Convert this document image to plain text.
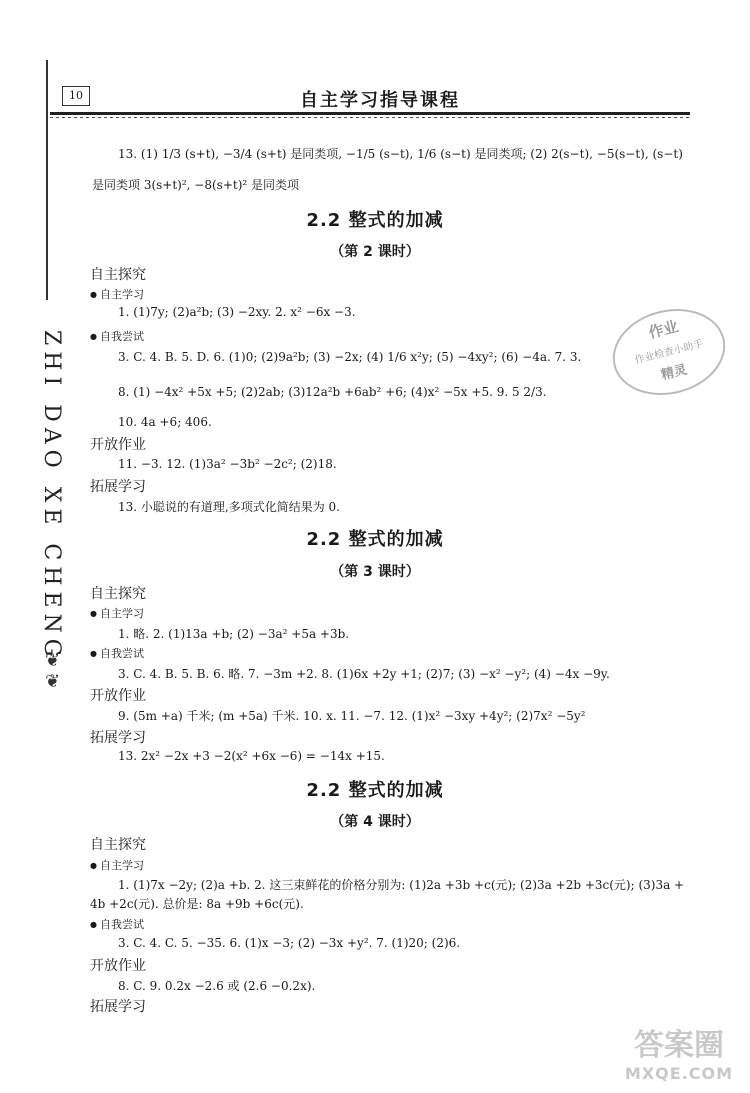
10	自主学习指导课程
ZHI DAO XE CHENG
❦❦
13. (1) 1/3 (s+t), −3/4 (s+t) 是同类项, −1/5 (s−t), 1/6 (s−t) 是同类项; (2) 2(s−t), −5(s−t), (s−t)
是同类项 3(s+t)², −8(s+t)² 是同类项
2.2 整式的加减
（第 2 课时）
自主探究
● 自主学习
1. (1)7y; (2)a²b; (3) −2xy. 2. x² −6x −3.
● 自我尝试
3. C. 4. B. 5. D. 6. (1)0; (2)9a²b; (3) −2x; (4) 1/6 x²y; (5) −4xy²; (6) −4a. 7. 3.
8. (1) −4x² +5x +5; (2)2ab; (3)12a²b +6ab² +6; (4)x² −5x +5. 9. 5 2/3.
10. 4a +6; 406.
开放作业
11. −3. 12. (1)3a² −3b² −2c²; (2)18.
拓展学习
13. 小聪说的有道理,多项式化简结果为 0.
2.2 整式的加减
（第 3 课时）
自主探究
● 自主学习
1. 略. 2. (1)13a +b; (2) −3a² +5a +3b.
● 自我尝试
3. C. 4. B. 5. B. 6. 略. 7. −3m +2. 8. (1)6x +2y +1; (2)7; (3) −x² −y²; (4) −4x −9y.
开放作业
9. (5m +a) 千米; (m +5a) 千米. 10. x. 11. −7. 12. (1)x² −3xy +4y²; (2)7x² −5y²
拓展学习
13. 2x² −2x +3 −2(x² +6x −6) = −14x +15.
2.2 整式的加减
（第 4 课时）
自主探究
● 自主学习
1. (1)7x −2y; (2)a +b. 2. 这三束鲜花的价格分别为: (1)2a +3b +c(元); (2)3a +2b +3c(元); (3)3a +
4b +2c(元). 总价是: 8a +9b +6c(元).
● 自我尝试
3. C. 4. C. 5. −35. 6. (1)x −3; (2) −3x +y². 7. (1)20; (2)6.
开放作业
8. C. 9. 0.2x −2.6 或 (2.6 −0.2x).
拓展学习
作业
作业检查小助手
精灵
答案圈
MXQE.COM
